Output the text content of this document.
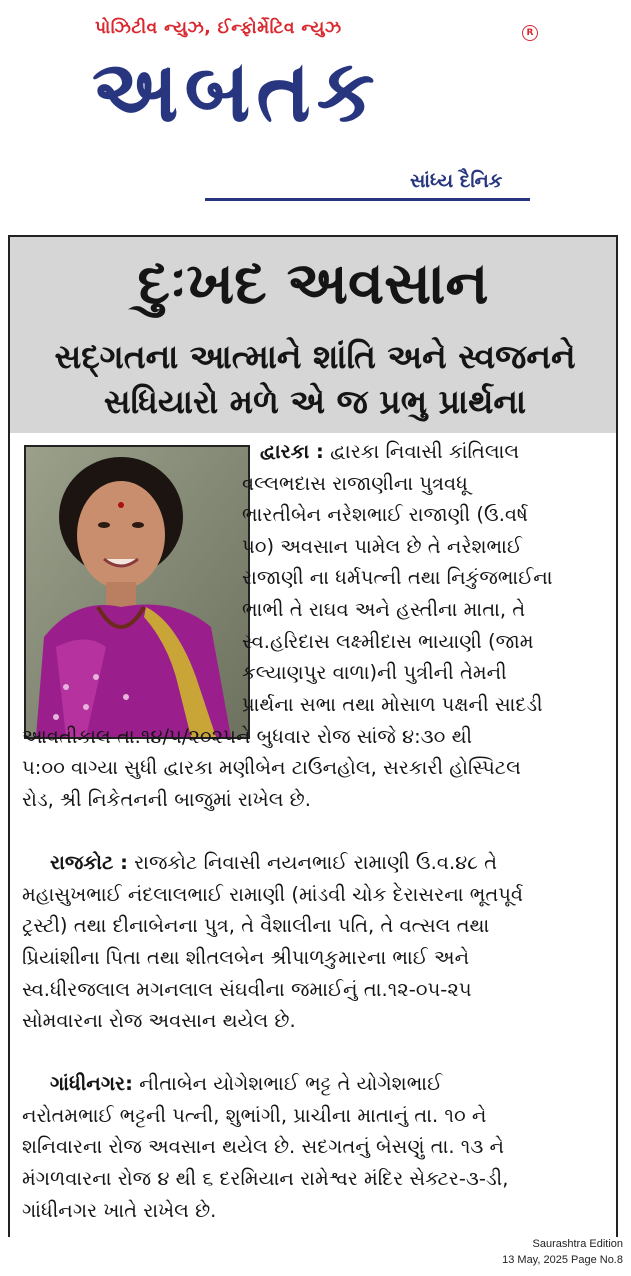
પોઝિટીવ ન્યુઝ, ઈન્ફોર્મેટિવ ન્યુઝ	R
અબતક
સાંધ્ય દૈનિક
દુઃખદ અવસાન
સદ્ગતના આત્માને શાંતિ અને સ્વજનને
સધિયારો મળે એ જ પ્રભુ પ્રાર્થના
દ્વારકા : દ્વારકા નિવાસી કાંતિલાલ
વલ્લભદાસ રાજાણીના પુત્રવધૂ
ભારતીબેન નરેશભાઈ રાજાણી (ઉ.વર્ષ
૫૦) અવસાન પામેલ છે તે નરેશભાઈ
રાજાણી ના ધર્મપત્ની તથા નિકુંજભાઈના
ભાભી તે રાઘવ અને હસ્તીના માતા, તે
સ્વ.હરિદાસ લક્ષ્મીદાસ ભાયાણી (જામ
કલ્યાણપુર વાળા)ની પુત્રીની તેમની
પ્રાર્થના સભા તથા મોસાળ પક્ષની સાદડી
આવતીકાલ તા.૧૪/૫/૨૦૨૫ને બુધવાર રોજ સાંજે ૪:૩૦ થી
૫:૦૦ વાગ્યા સુધી દ્વારકા મણીબેન ટાઉનહોલ, સરકારી હોસ્પિટલ
રોડ, શ્રી નિકેતનની બાજુમાં રાખેલ છે.
રાજકોટ : રાજકોટ નિવાસી નયનભાઈ રામાણી ઉ.વ.૪૮ તે
મહાસુખભાઈ નંદલાલભાઈ રામાણી (માંડવી ચોક દેરાસરના ભૂતપૂર્વ
ટ્રસ્ટી) તથા દીનાબેનના પુત્ર, તે વૈશાલીના પતિ, તે વત્સલ તથા
પ્રિયાંશીના પિતા તથા શીતલબેન શ્રીપાળકુમારના ભાઈ અને
સ્વ.ધીરજલાલ મગનલાલ સંઘવીના જમાઈનું તા.૧૨-૦૫-૨૫
સોમવારના રોજ અવસાન થયેલ છે.
ગાંધીનગર: નીતાબેન યોગેશભાઈ ભટ્ટ તે યોગેશભાઈ
નરોતમભાઈ ભટ્ટની પત્ની, શુભાંગી, પ્રાચીના માતાનું તા. ૧૦ ને
શનિવારના રોજ અવસાન થયેલ છે. સદગતનું બેસણું તા. ૧૩ ને
મંગળવારના રોજ ૪ થી ૬ દરમિયાન રામેશ્વર મંદિર સેક્ટર-૩-ડી,
ગાંધીનગર ખાતે રાખેલ છે.
Saurashtra Edition
13 May, 2025 Page No.8
